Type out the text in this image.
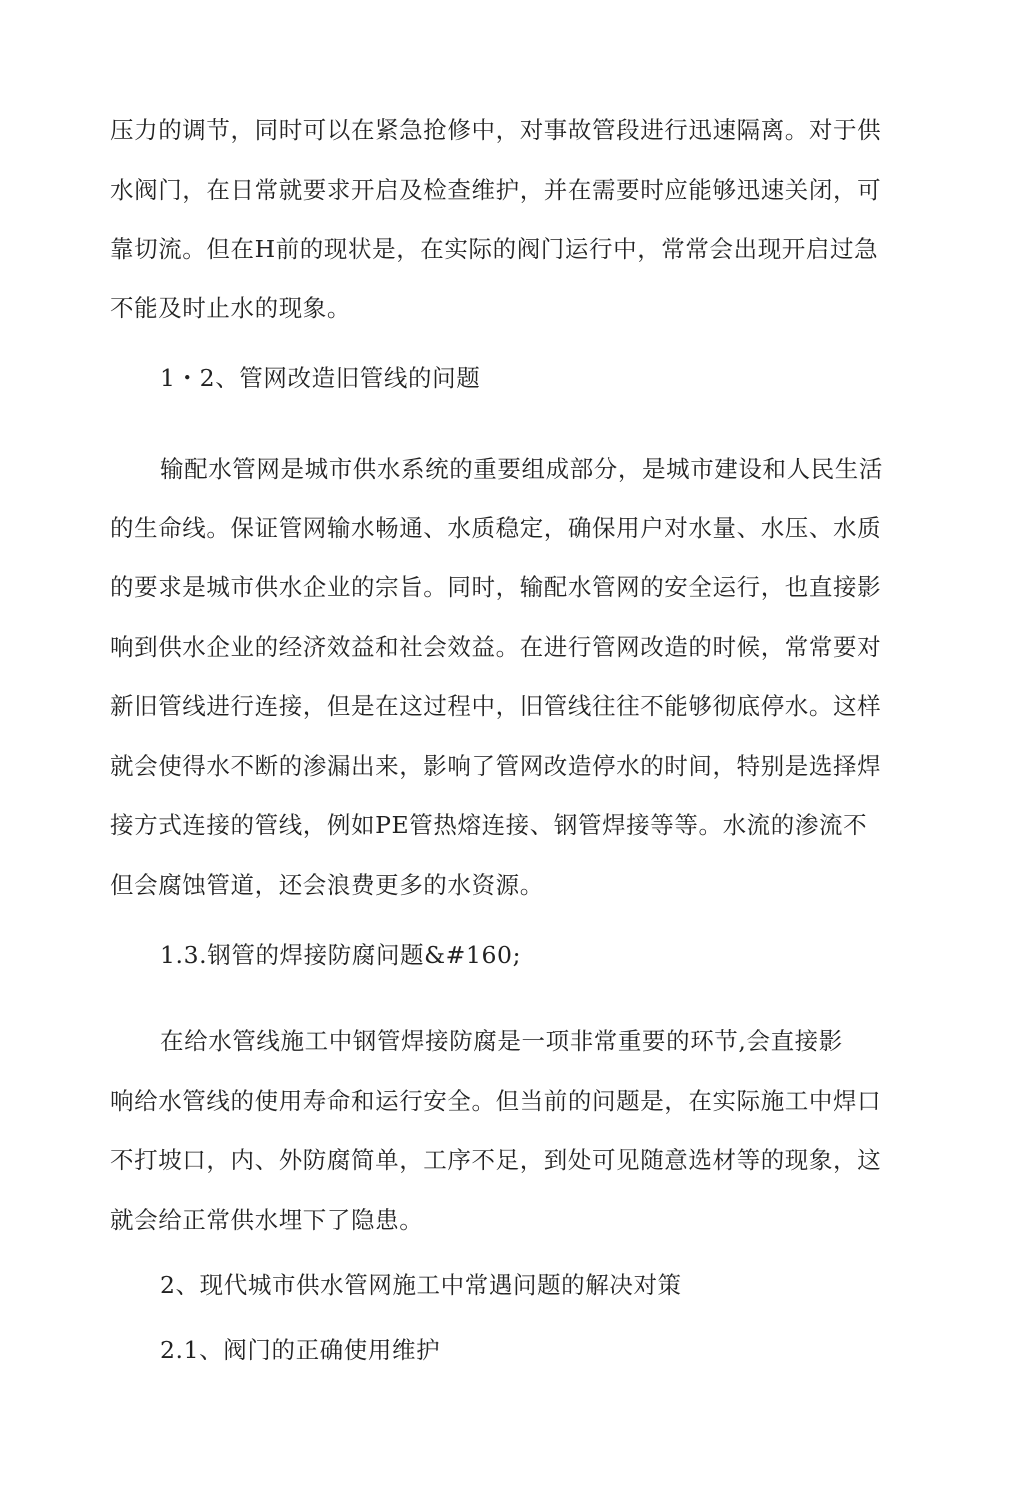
压力的调节，同时可以在紧急抢修中，对事故管段进行迅速隔离。对于供
水阀门，在日常就要求开启及检查维护，并在需要时应能够迅速关闭，可
靠切流。但在H前的现状是，在实际的阀门运行中，常常会出现开启过急
不能及时止水的现象。
1・2、管网改造旧管线的问题
输配水管网是城市供水系统的重要组成部分，是城市建设和人民生活
的生命线。保证管网输水畅通、水质稳定，确保用户对水量、水压、水质
的要求是城市供水企业的宗旨。同时，输配水管网的安全运行，也直接影
响到供水企业的经济效益和社会效益。在进行管网改造的时候，常常要对
新旧管线进行连接，但是在这过程中，旧管线往往不能够彻底停水。这样
就会使得水不断的渗漏出来，影响了管网改造停水的时间，特别是选择焊
接方式连接的管线，例如PE管热熔连接、钢管焊接等等。水流的渗流不
但会腐蚀管道，还会浪费更多的水资源。
1.3.钢管的焊接防腐问题&#160;
在给水管线施工中钢管焊接防腐是一项非常重要的环节,会直接影
响给水管线的使用寿命和运行安全。但当前的问题是，在实际施工中焊口
不打坡口，内、外防腐简单，工序不足，到处可见随意选材等的现象，这
就会给正常供水埋下了隐患。
2、现代城市供水管网施工中常遇问题的解决对策
2.1、阀门的正确使用维护
